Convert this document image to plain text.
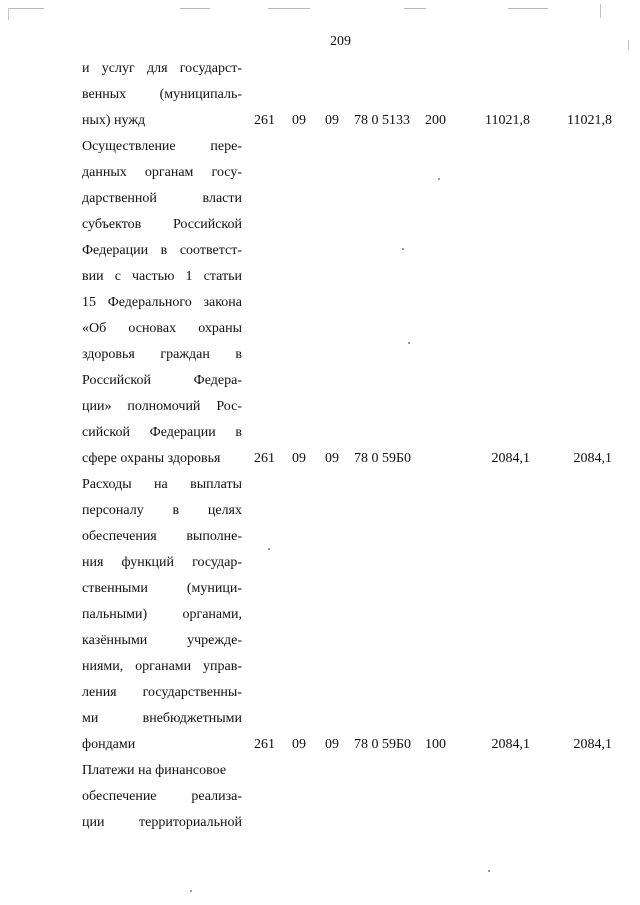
209
и услуг для государст-
венных (муниципаль-
ных) нужд	261 09 09 78 0 5133 200	11021,8	11021,8
Осуществление пере-
данных органам госу-
дарственной власти
субъектов Российской
Федерации в соответст-
вии с частью 1 статьи
15 Федерального закона
«Об основах охраны
здоровья граждан в
Российской Федера-
ции» полномочий Рос-
сийской Федерации в
сфере охраны здоровья	261 09 09 78 0 59Б0	2084,1	2084,1
Расходы на выплаты
персоналу в целях
обеспечения выполне-
ния функций государ-
ственными (муници-
пальными) органами,
казёнными учрежде-
ниями, органами управ-
ления государственны-
ми внебюджетными
фондами	261 09 09 78 0 59Б0 100	2084,1	2084,1
Платежи на финансовое
обеспечение реализа-
ции территориальной
